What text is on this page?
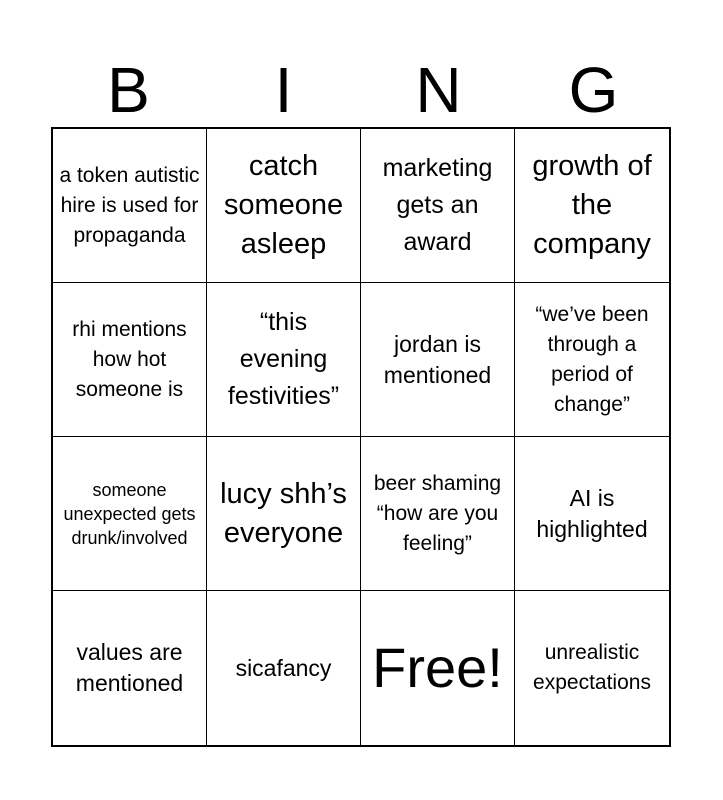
B	I	N	G
a token autistic hire is used for propaganda
catch someone asleep
marketing gets an award
growth of the company
rhi mentions how hot someone is
“this evening festivities”
jordan is mentioned
“we’ve been through a period of change”
someone unexpected gets drunk/involved
lucy shh’s everyone
beer shaming “how are you feeling”
AI is highlighted
values are mentioned
sicafancy Free!	unrealistic expectations
